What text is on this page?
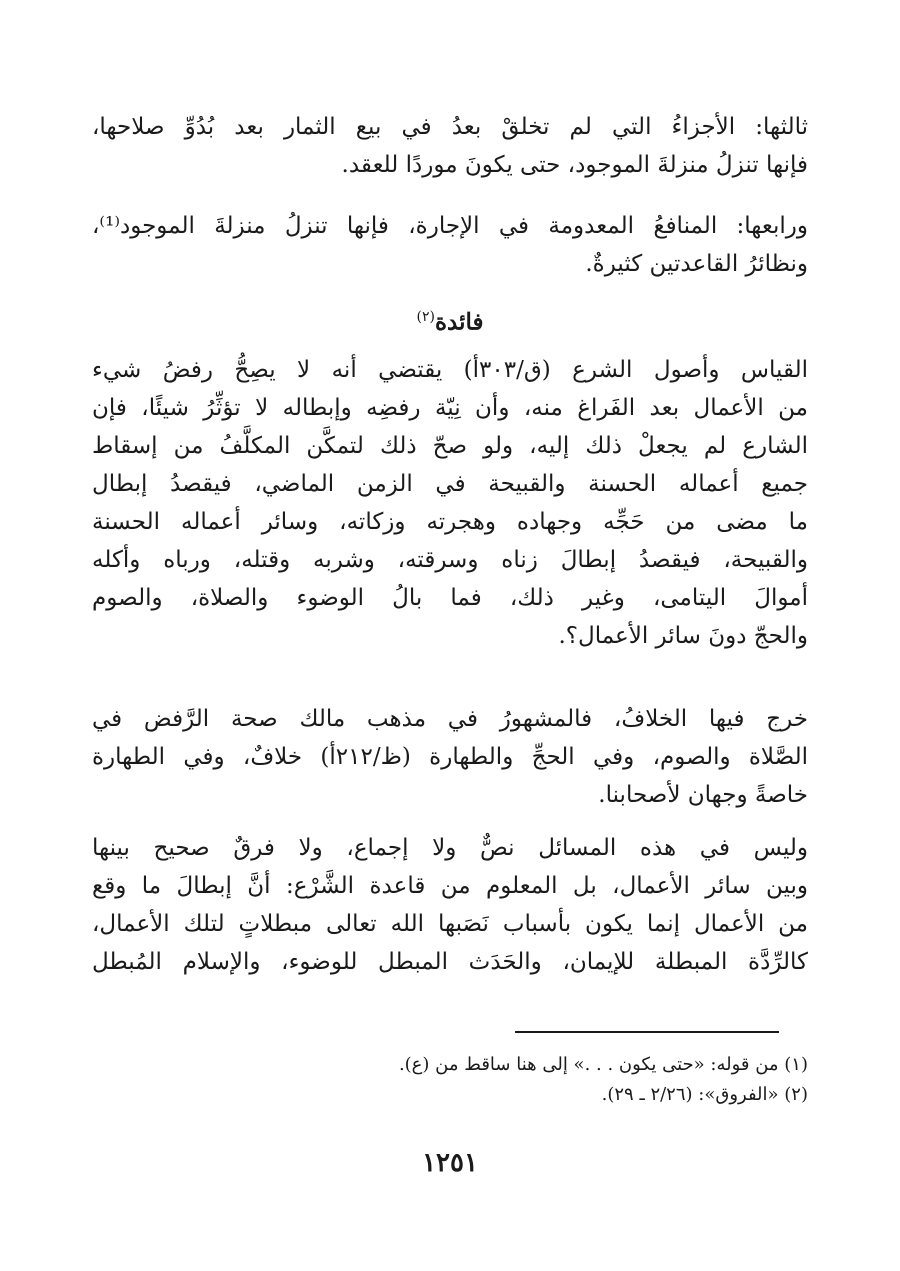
ثالثها: الأجزاءُ التي لم تخلقْ بعدُ في بيع الثمار بعد بُدُوِّ صلاحها،
فإنها تنزلُ منزلةَ الموجود، حتى يكونَ موردًا للعقد.
ورابعها: المنافعُ المعدومة في الإجارة، فإنها تنزلُ منزلةَ الموجود⁽¹⁾،
ونظائرُ القاعدتين كثيرةٌ.
فائدة$^{(٢)}$
القياس وأصول الشرع (ق/٣٠٣أ) يقتضي أنه لا يصِحُّ رفضُ شيء
من الأعمال بعد الفَراغ منه، وأن نِيّة رفضِه وإبطاله لا تؤثِّرُ شيئًا، فإن
الشارع لم يجعلْ ذلك إليه، ولو صحّ ذلك لتمكَّن المكلَّفُ من إسقاط
جميع أعماله الحسنة والقبيحة في الزمن الماضي، فيقصدُ إبطال
ما مضى من حَجِّه وجهاده وهجرته وزكاته، وسائر أعماله الحسنة
والقبيحة، فيقصدُ إبطالَ زناه وسرقته، وشربه وقتله، ورباه وأكله
أموالَ اليتامى، وغير ذلك، فما بالُ الوضوء والصلاة، والصوم
والحجّ دونَ سائر الأعمال؟.
خرج فيها الخلافُ، فالمشهورُ في مذهب مالك صحة الرَّفض في
الصَّلاة والصوم، وفي الحجِّ والطهارة (ظ/٢١٢أ) خلافٌ، وفي الطهارة
خاصةً وجهان لأصحابنا.
وليس في هذه المسائل نصٌّ ولا إجماع، ولا فرقٌ صحيح بينها
وبين سائر الأعمال، بل المعلوم من قاعدة الشَّرْع: أنَّ إبطالَ ما وقع
من الأعمال إنما يكون بأسباب نَصَبها الله تعالى مبطلاتٍ لتلك الأعمال،
كالرِّدَّة المبطلة للإيمان، والحَدَث المبطل للوضوء، والإسلام المُبطل
(١) من قوله: «حتى يكون . . .» إلى هنا ساقط من (ع).
(٢) «الفروق»: (٢/٢٦ ـ ٢٩).
١٢٥١
